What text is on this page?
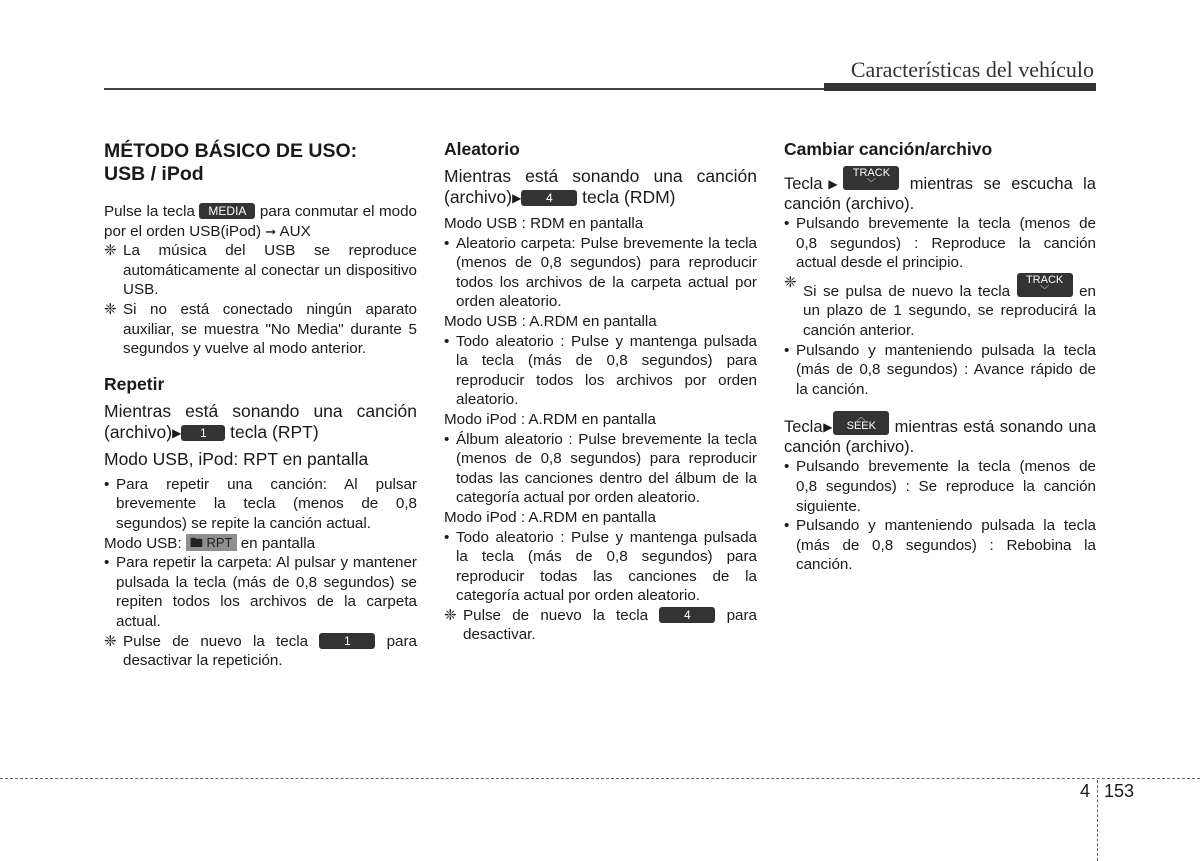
Características del vehículo
MÉTODO BÁSICO DE USO:
USB / iPod

Pulse la tecla MEDIA para conmutar el modo por el orden USB(iPod) ➞ AUX

❈ La música del USB se reproduce automáticamente al conectar un dispositivo USB.
❈ Si no está conectado ningún aparato auxiliar, se muestra "No Media" durante 5 segundos y vuelve al modo anterior.
Repetir

Mientras está sonando una canción (archivo)▶ 1 tecla (RPT)

Modo USB, iPod: RPT en pantalla

• Para repetir una canción: Al pulsar brevemente la tecla (menos de 0,8 segundos) se repite la canción actual.

Modo USB: 🖿 RPT en pantalla

• Para repetir la carpeta: Al pulsar y mantener pulsada la tecla (más de 0,8 segundos) se repiten todos los archivos de la carpeta actual.
❈ Pulse de nuevo la tecla 1 para desactivar la repetición.
Aleatorio

Mientras está sonando una canción (archivo)▶ 4 tecla (RDM)

Modo USB : RDM en pantalla

• Aleatorio carpeta: Pulse brevemente la tecla (menos de 0,8 segundos) para reproducir todos los archivos de la carpeta actual por orden aleatorio.

Modo USB : A.RDM en pantalla

• Todo aleatorio : Pulse y mantenga pulsada la tecla (más de 0,8 segundos) para reproducir todos los archivos por orden aleatorio.

Modo iPod : A.RDM en pantalla

• Álbum aleatorio : Pulse brevemente la tecla (menos de 0,8 segundos) para reproducir todas las canciones dentro del álbum de la categoría actual por orden aleatorio.

Modo iPod : A.RDM en pantalla

• Todo aleatorio : Pulse y mantenga pulsada la tecla (más de 0,8 segundos) para reproducir todas las canciones de la categoría actual por orden aleatorio.
❈ Pulse de nuevo la tecla 4 para desactivar.
Cambiar canción/archivo

Tecla▶TRACK
﹀	mientras se escucha la canción (archivo).

• Pulsando brevemente la tecla (menos de 0,8 segundos) : Reproduce la canción actual desde el principio.
❈
Si se pulsa de nuevo la tecla TRACK
﹀	en un plazo de 1 segundo, se reproducirá la canción anterior.
• Pulsando y manteniendo pulsada la tecla (más de 0,8 segundos) : Avance rápido de la canción.

Tecla▶
︿
SEEK mientras está sonando una canción (archivo).

• Pulsando brevemente la tecla (menos de 0,8 segundos) : Se reproduce la canción siguiente.
• Pulsando y manteniendo pulsada la tecla (más de 0,8 segundos) : Rebobina la canción.
4 153
